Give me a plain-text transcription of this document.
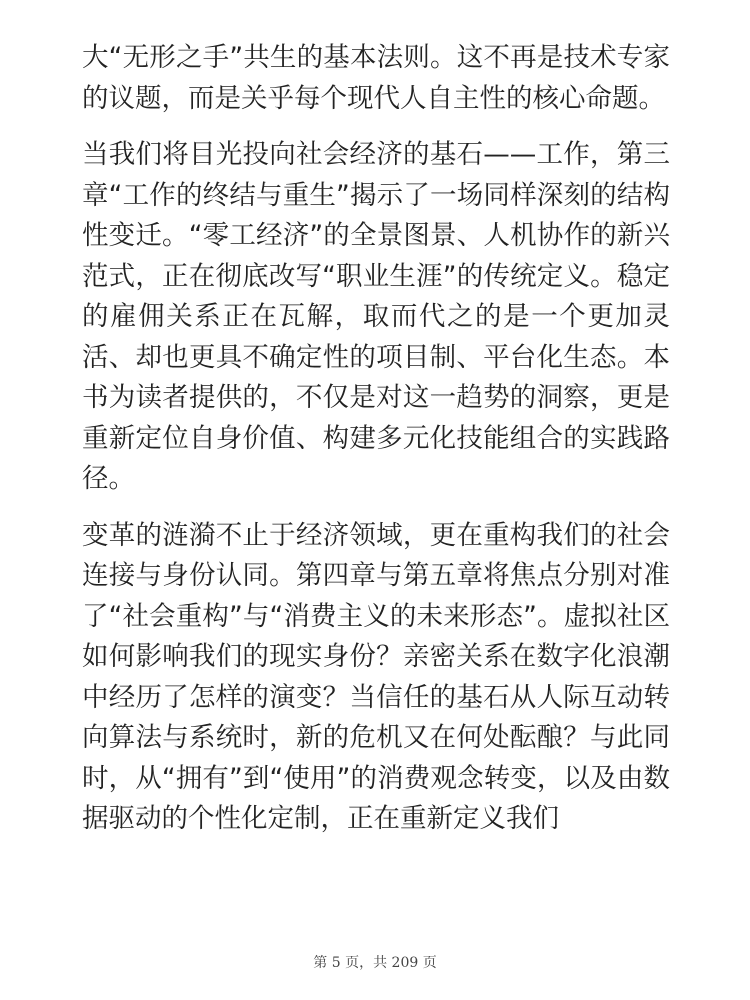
大“无形之手”共生的基本法则。这不再是技术专家的议题，而是关乎每个现代人自主性的核心命题。

当我们将目光投向社会经济的基石——工作，第三章“工作的终结与重生”揭示了一场同样深刻的结构性变迁。“零工经济”的全景图景、人机协作的新兴范式，正在彻底改写“职业生涯”的传统定义。稳定的雇佣关系正在瓦解，取而代之的是一个更加灵活、却也更具不确定性的项目制、平台化生态。本书为读者提供的，不仅是对这一趋势的洞察，更是重新定位自身价值、构建多元化技能组合的实践路径。

变革的涟漪不止于经济领域，更在重构我们的社会连接与身份认同。第四章与第五章将焦点分别对准了“社会重构”与“消费主义的未来形态”。虚拟社区如何影响我们的现实身份？亲密关系在数字化浪潮中经历了怎样的演变？当信任的基石从人际互动转向算法与系统时，新的危机又在何处酝酿？与此同时，从“拥有”到“使用”的消费观念转变，以及由数据驱动的个性化定制，正在重新定义我们

第 5 页，共 209 页
